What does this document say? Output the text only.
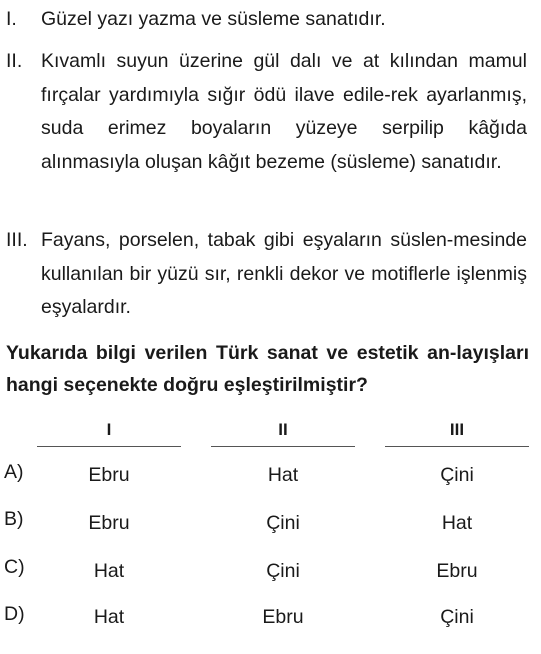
I. Güzel yazı yazma ve süsleme sanatıdır.
II. Kıvamlı suyun üzerine gül dalı ve at kılından mamul fırçalar yardımıyla sığır ödü ilave edile-rek ayarlanmış, suda erimez boyaların yüzeye serpilip kâğıda alınmasıyla oluşan kâğıt bezeme (süsleme) sanatıdır.
III. Fayans, porselen, tabak gibi eşyaların süslen-mesinde kullanılan bir yüzü sır, renkli dekor ve motiflerle işlenmiş eşyalardır.
Yukarıda bilgi verilen Türk sanat ve estetik an-layışları hangi seçenekte doğru eşleştirilmiştir?
I	II	III
A)	Ebru	Hat	Çini
B)	Ebru	Çini	Hat
C)	Hat	Çini	Ebru
D)	Hat	Ebru	Çini
